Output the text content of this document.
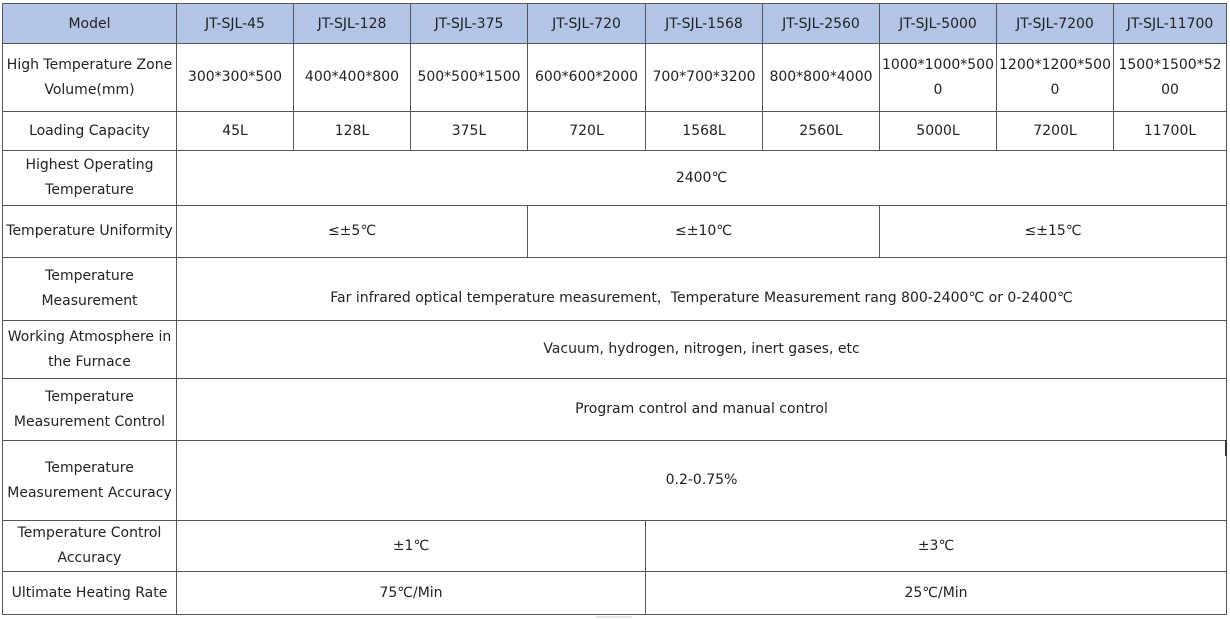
Model	JT-SJL-45	JT-SJL-128	JT-SJL-375	JT-SJL-720	JT-SJL-1568	JT-SJL-2560	JT-SJL-5000	JT-SJL-7200	JT-SJL-11700
High Temperature Zone Volume(mm)	300*300*500	400*400*800	500*500*1500	600*600*2000	700*700*3200	800*800*4000	1000*1000*5000	1200*1200*5000	1500*1500*5200
Loading Capacity	45L	128L	375L	720L	1568L	2560L	5000L	7200L	11700L
Highest Operating Temperature	2400℃								
Temperature Uniformity	≤±5℃			≤±10℃			≤±15℃		
Temperature Measurement	Far infrared optical temperature measurement，Temperature Measurement rang 800-2400℃ or 0-2400℃								
Working Atmosphere in the Furnace	Vacuum, hydrogen, nitrogen, inert gases, etc								
Temperature Measurement Control	Program control and manual control								
Temperature Measurement Accuracy	0.2-0.75%								
Temperature Control Accuracy	±1℃				±3℃				
Ultimate Heating Rate	75℃/Min				25℃/Min				
